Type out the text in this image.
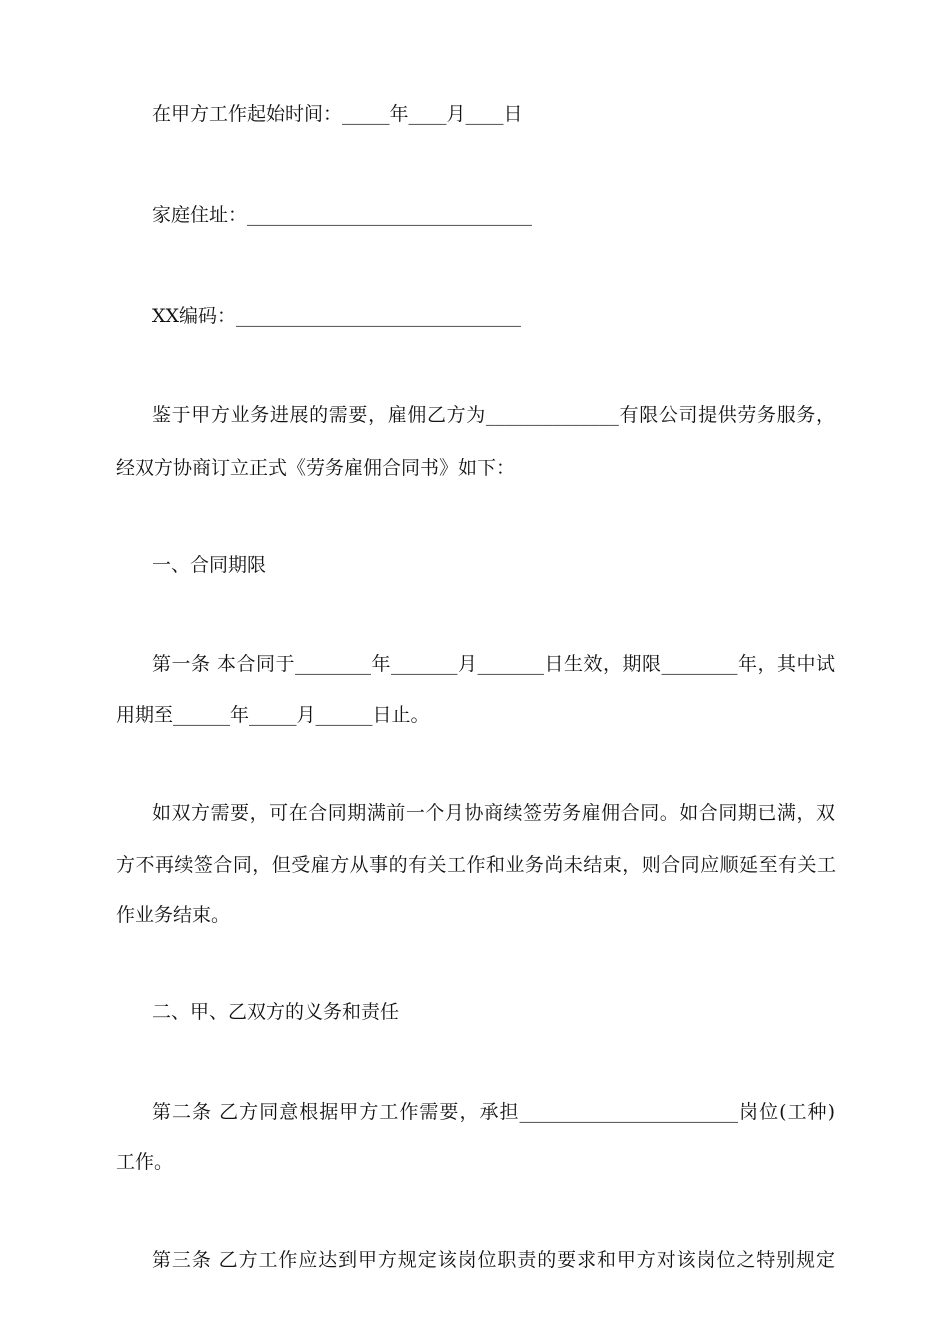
在甲方工作起始时间：_____年____月____日
家庭住址：______________________________
XX编码：______________________________
鉴于甲方业务进展的需要，雇佣乙方为______________有限公司提供劳务服务，
经双方协商订立正式《劳务雇佣合同书》如下：
一、合同期限
第一条 本合同于________年_______月_______日生效，期限________年，其中试
用期至______年_____月______日止。
如双方需要，可在合同期满前一个月协商续签劳务雇佣合同。如合同期已满，双
方不再续签合同，但受雇方从事的有关工作和业务尚未结束，则合同应顺延至有关工
作业务结束。
二、甲、乙双方的义务和责任
第二条 乙方同意根据甲方工作需要，承担_______________________岗位(工种)
工作。
第三条 乙方工作应达到甲方规定该岗位职责的要求和甲方对该岗位之特别规定
